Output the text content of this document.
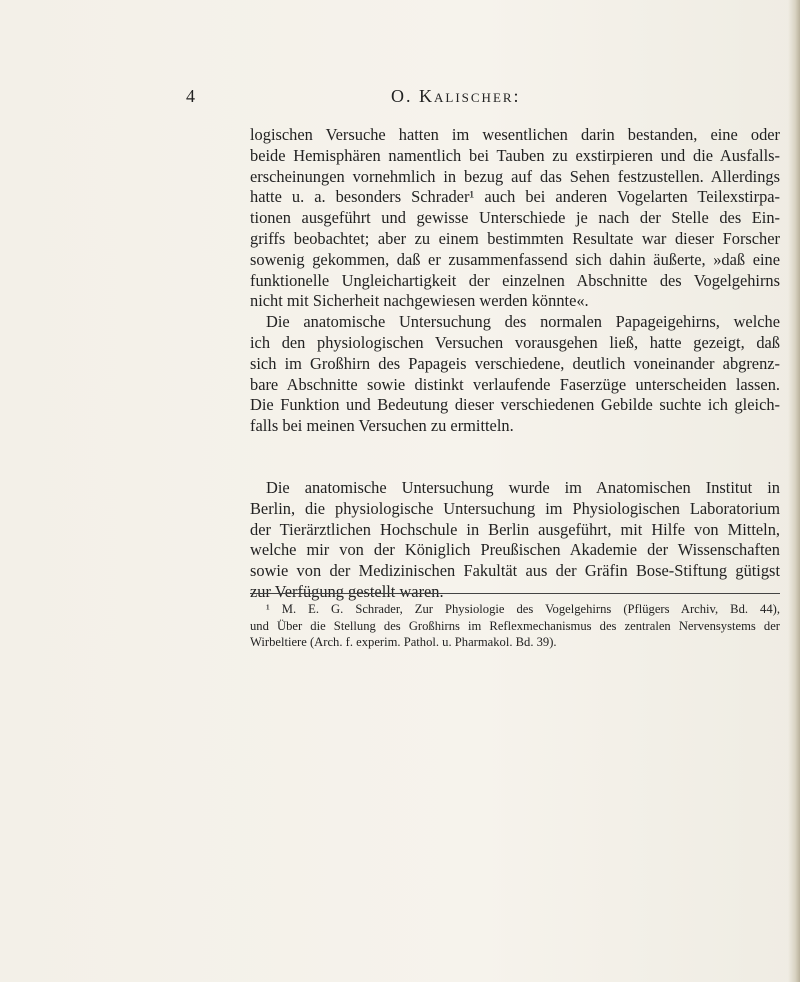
4	O. Kalischer:
logischen Versuche hatten im wesentlichen darin bestanden, eine oder
beide Hemisphären namentlich bei Tauben zu exstirpieren und die Ausfalls-
erscheinungen vornehmlich in bezug auf das Sehen festzustellen. Allerdings
hatte u. a. besonders Schrader¹ auch bei anderen Vogelarten Teilexstirpa-
tionen ausgeführt und gewisse Unterschiede je nach der Stelle des Ein-
griffs beobachtet; aber zu einem bestimmten Resultate war dieser Forscher
sowenig gekommen, daß er zusammenfassend sich dahin äußerte, »daß eine
funktionelle Ungleichartigkeit der einzelnen Abschnitte des Vogelgehirns
nicht mit Sicherheit nachgewiesen werden könnte«.
Die anatomische Untersuchung des normalen Papageigehirns, welche
ich den physiologischen Versuchen vorausgehen ließ, hatte gezeigt, daß
sich im Großhirn des Papageis verschiedene, deutlich voneinander abgrenz-
bare Abschnitte sowie distinkt verlaufende Faserzüge unterscheiden lassen.
Die Funktion und Bedeutung dieser verschiedenen Gebilde suchte ich gleich-
falls bei meinen Versuchen zu ermitteln.
Die anatomische Untersuchung wurde im Anatomischen Institut in
Berlin, die physiologische Untersuchung im Physiologischen Laboratorium
der Tierärztlichen Hochschule in Berlin ausgeführt, mit Hilfe von Mitteln,
welche mir von der Königlich Preußischen Akademie der Wissenschaften
sowie von der Medizinischen Fakultät aus der Gräfin Bose-Stiftung gütigst
zur Verfügung gestellt waren.
¹ M. E. G. Schrader, Zur Physiologie des Vogelgehirns (Pflügers Archiv, Bd. 44),
und Über die Stellung des Großhirns im Reflexmechanismus des zentralen Nervensystems der
Wirbeltiere (Arch. f. experim. Pathol. u. Pharmakol. Bd. 39).
